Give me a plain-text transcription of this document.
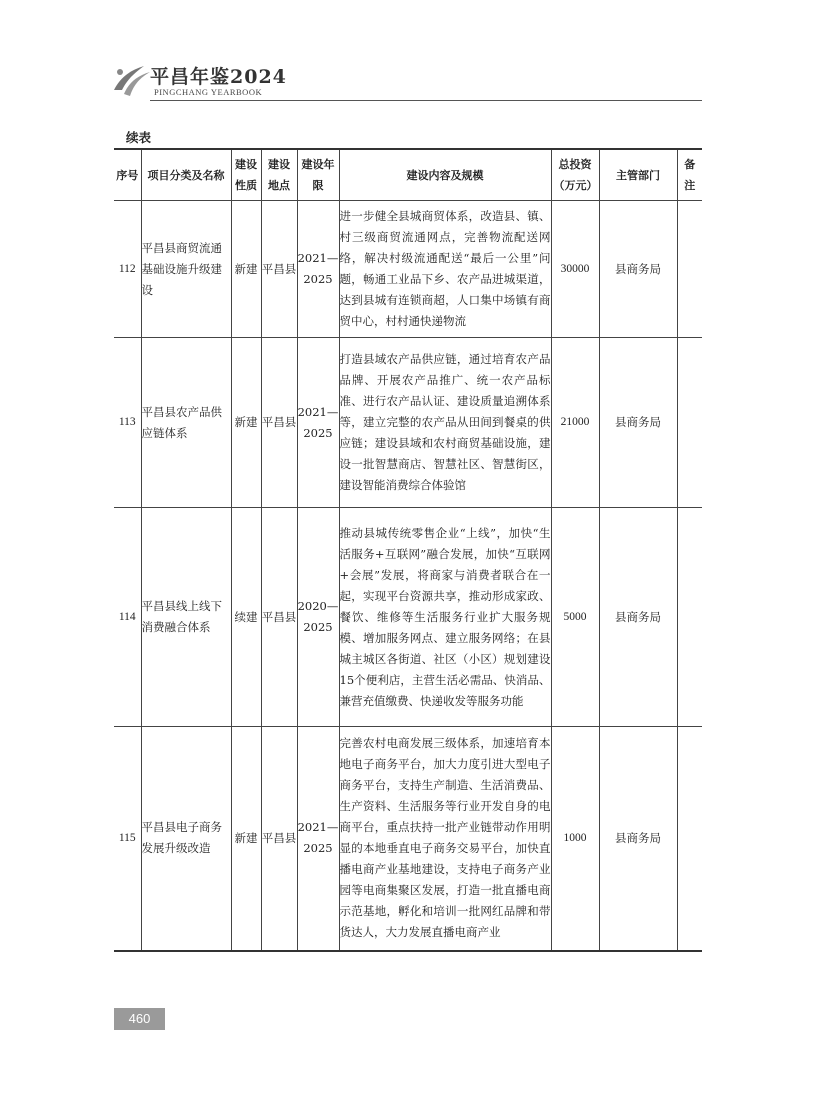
平昌年鉴2024
PINGCHANG YEARBOOK
续表
序号	项目分类及名称	建设性质	建设地点	建设年限	建设内容及规模	总投资（万元）	主管部门	备注
112	平昌县商贸流通基础设施升级建设	新建	平昌县	2021—2025	进一步健全县城商贸体系，改造县、镇、村三级商贸流通网点，完善物流配送网络，解决村级流通配送“最后一公里”问题，畅通工业品下乡、农产品进城渠道，达到县城有连锁商超，人口集中场镇有商贸中心，村村通快递物流	30000	县商务局	
113	平昌县农产品供应链体系	新建	平昌县	2021—2025	打造县域农产品供应链，通过培育农产品品牌、开展农产品推广、统一农产品标准、进行农产品认证、建设质量追溯体系等，建立完整的农产品从田间到餐桌的供应链；建设县域和农村商贸基础设施，建设一批智慧商店、智慧社区、智慧街区，建设智能消费综合体验馆	21000	县商务局	
114	平昌县线上线下消费融合体系	续建	平昌县	2020—2025	推动县城传统零售企业“上线”，加快“生活服务+互联网”融合发展，加快“互联网+会展”发展，将商家与消费者联合在一起，实现平台资源共享，推动形成家政、餐饮、维修等生活服务行业扩大服务规模、增加服务网点、建立服务网络；在县城主城区各街道、社区（小区）规划建设15个便利店，主营生活必需品、快消品、兼营充值缴费、快递收发等服务功能	5000	县商务局	
115	平昌县电子商务发展升级改造	新建	平昌县	2021—2025	完善农村电商发展三级体系，加速培育本地电子商务平台，加大力度引进大型电子商务平台，支持生产制造、生活消费品、生产资料、生活服务等行业开发自身的电商平台，重点扶持一批产业链带动作用明显的本地垂直电子商务交易平台，加快直播电商产业基地建设，支持电子商务产业园等电商集聚区发展，打造一批直播电商示范基地，孵化和培训一批网红品牌和带货达人，大力发展直播电商产业	1000	县商务局	
460
